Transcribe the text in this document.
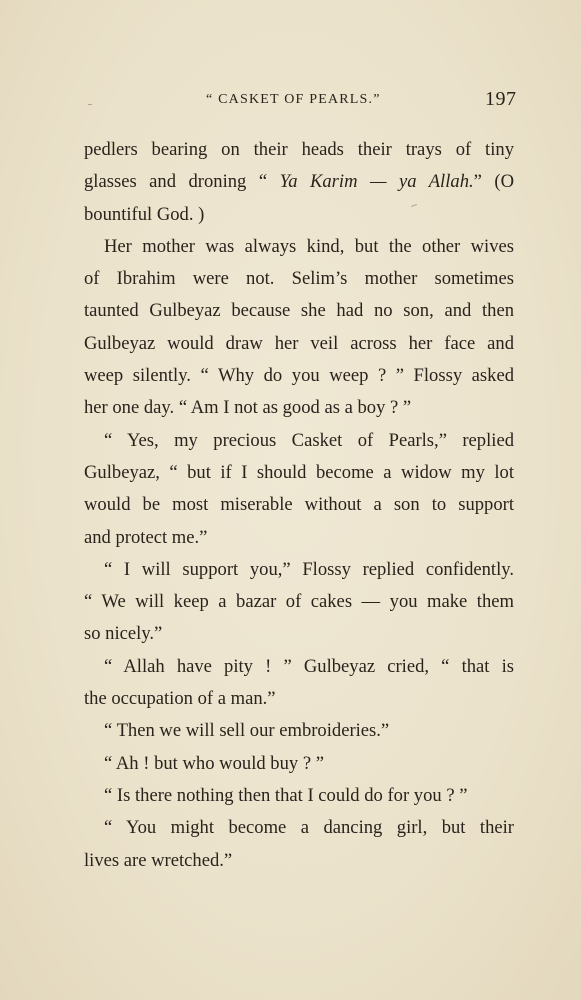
“ CASKET OF PEARLS.”	197
pedlers bearing on their heads their trays of tiny
glasses and droning “ Ya Karim — ya Allah.” (O
bountiful God. )
Her mother was always kind, but the other wives
of Ibrahim were not. Selim’s mother sometimes
taunted Gulbeyaz because she had no son, and then
Gulbeyaz would draw her veil across her face and
weep silently. “ Why do you weep ? ” Flossy asked
her one day. “ Am I not as good as a boy ? ”
“ Yes, my precious Casket of Pearls,” replied
Gulbeyaz, “ but if I should become a widow my lot
would be most miserable without a son to support
and protect me.”
“ I will support you,” Flossy replied confidently.
“ We will keep a bazar of cakes — you make them
so nicely.”
“ Allah have pity ! ” Gulbeyaz cried, “ that is
the occupation of a man.”
“ Then we will sell our embroideries.”
“ Ah ! but who would buy ? ”
“ Is there nothing then that I could do for you ? ”
“ You might become a dancing girl, but their
lives are wretched.”
